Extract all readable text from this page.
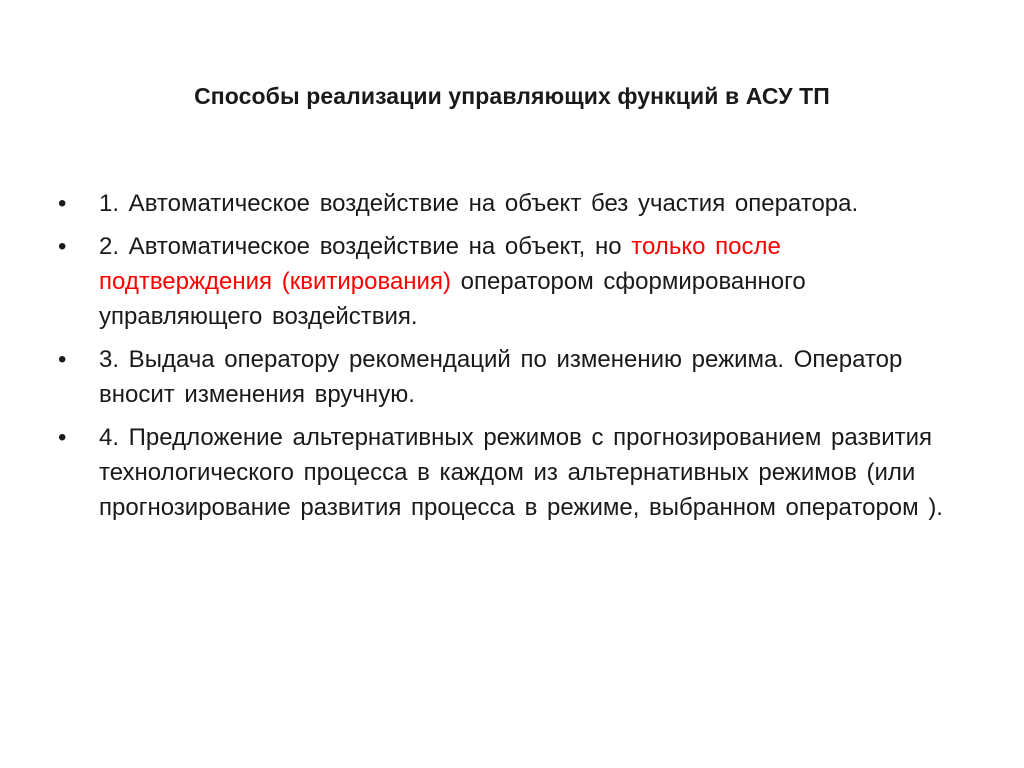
Способы реализации управляющих функций в АСУ ТП
• 1. Автоматическое воздействие на объект без участия оператора.
• 2. Автоматическое воздействие на объект, но только после подтверждения (квитирования) оператором сформированного управляющего воздействия.
• 3. Выдача оператору рекомендаций по изменению режима. Оператор вносит изменения вручную.
• 4. Предложение альтернативных режимов с прогнозированием развития технологического процесса в каждом из альтернативных режимов (или прогнозирование развития процесса в режиме, выбранном оператором ).
